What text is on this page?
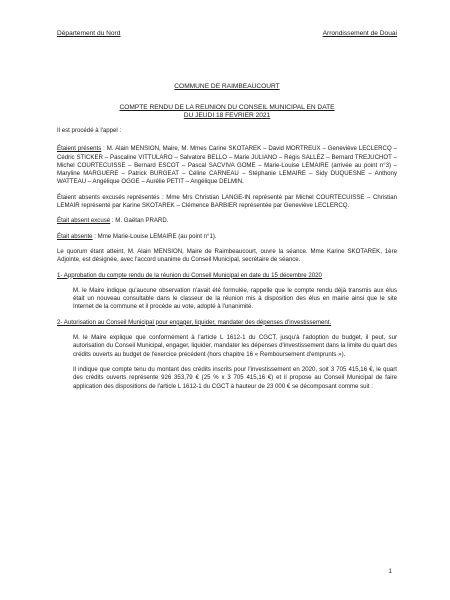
Département du Nord	Arrondissement de Douai
COMMUNE DE RAIMBEAUCOURT
COMPTE RENDU DE LA REUNION DU CONSEIL MUNICIPAL EN DATE
DU JEUDI 18 FEVRIER 2021

Il est procédé à l'appel :

Étaient présents : M. Alain MENSION, Maire, M. Mmes Carine SKOTAREK – David MORTREUX – Geneviève LECLERCQ – Cédric STICKER – Pascaline VITTULARO – Salvatore BELLO – Marie JULIANO – Régis SALLEZ – Bernard TREJUCHOT – Michel COURTECUISSE – Bernard ESCOT – Pascal SACVIVA GOME – Marie-Louise LEMAIRE (arrivée au point n°3) – Maryline MARGUERE – Patrick BURGEAT – Céline CARNEAU – Stéphanie LEMAIRE – Sidy DUQUESNE – Anthony WATTEAU – Angélique OGGE – Aurélie PETIT – Angélique DELMIN.

Étaient absents excusés représentés : Mme Mrs Christian LANGE-IN représenté par Michel COURTECUISSE – Christian LEMAIR représenté par Karine SKOTAREK – Clémence BARBIER représentée par Geneviève LECLERCQ.

Était absent excusé : M. Gaëtan PRARD.

Était absente : Mme Marie-Louise LEMAIRE (au point n°1).

Le quorum étant atteint, M. Alain MENSION, Maire de Raimbeaucourt, ouvre la séance. Mme Karine SKOTAREK, 1ère Adjointe, est désignée, avec l'accord unanime du Conseil Municipal, secrétaire de séance.

1- Approbation du compte rendu de la réunion du Conseil Municipal en date du 15 décembre 2020

M. le Maire indique qu'aucune observation n'avait été formulée, rappelle que le compte rendu déjà transmis aux élus était un nouveau consultable dans le classeur de la réunion mis à disposition des élus en mairie ainsi que le site Internet de la commune et il procède au vote, adopté à l'unanimité.

2- Autorisation au Conseil Municipal pour engager, liquider, mandater des dépenses d'investissement.

M. le Maire explique que conformément à l'article L 1612-1 du CGCT, jusqu'à l'adoption du budget, il peut, sur autorisation du Conseil Municipal, engager, liquider, mandater les dépenses d'investissement dans la limite du quart des crédits ouverts au budget de l'exercice précédent (hors chapitre 16 « Remboursement d'emprunts »).

Il indique que compte tenu du montant des crédits inscrits pour l'investissement en 2020, soit 3 705 415,16 €, le quart des crédits ouverts représente 926 353,79 € (25 % x 3 705 415,16 €) et il propose au Conseil Municipal de faire application des dispositions de l'article L 1612-1 du CGCT à hauteur de 23 000 € se décomposant comme suit :

1
